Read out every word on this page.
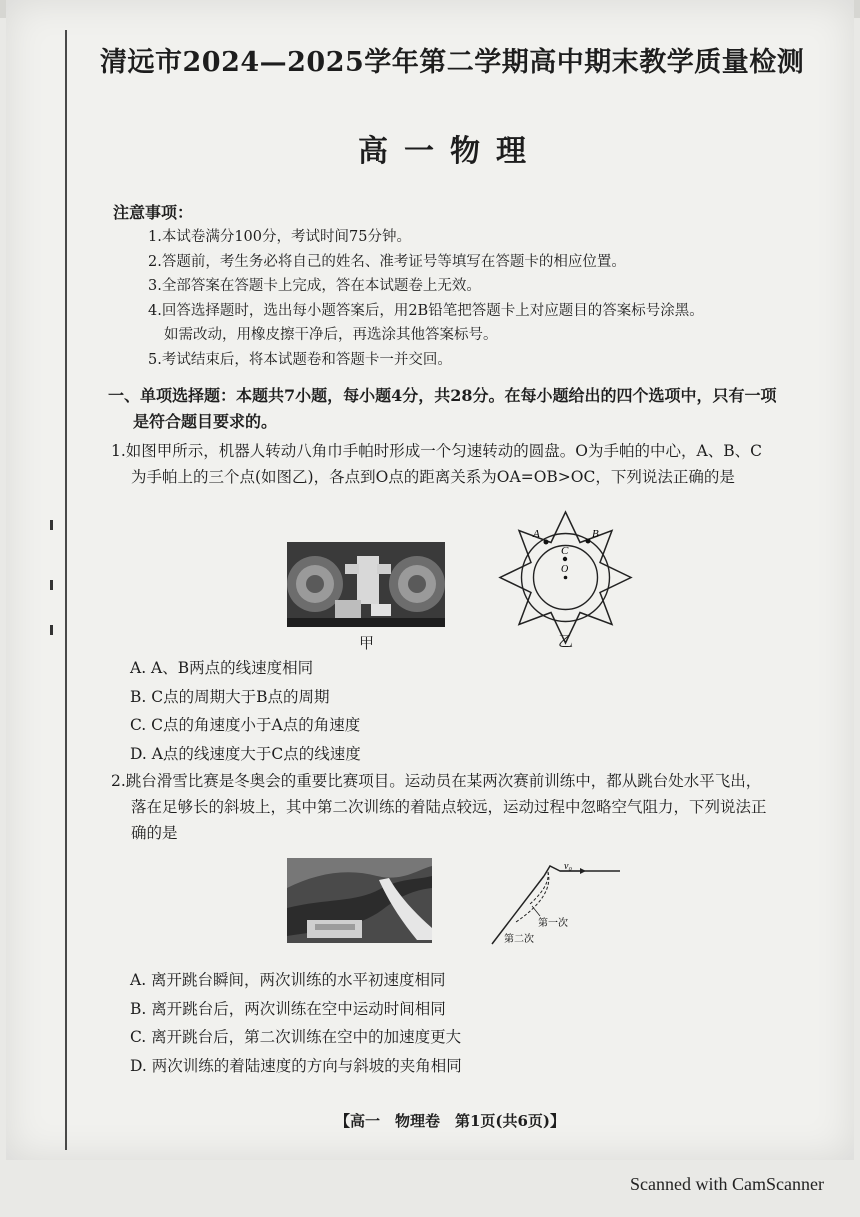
清远市2024—2025学年第二学期高中期末教学质量检测
高一物理
注意事项：
1.本试卷满分100分，考试时间75分钟。
2.答题前，考生务必将自己的姓名、准考证号等填写在答题卡的相应位置。
3.全部答案在答题卡上完成，答在本试题卷上无效。
4.回答选择题时，选出每小题答案后，用2B铅笔把答题卡上对应题目的答案标号涂黑。
如需改动，用橡皮擦干净后，再选涂其他答案标号。
5.考试结束后，将本试题卷和答题卡一并交回。
一、单项选择题：本题共7小题，每小题4分，共28分。在每小题给出的四个选项中，只有一项
是符合题目要求的。
1.如图甲所示，机器人转动八角巾手帕时形成一个匀速转动的圆盘。O为手帕的中心，A、B、C
为手帕上的三个点(如图乙)，各点到O点的距离关系为OA=OB>OC，下列说法正确的是
甲
A	B
C
O
乙
A. A、B两点的线速度相同
B. C点的周期大于B点的周期
C. C点的角速度小于A点的角速度
D. A点的线速度大于C点的线速度
2.跳台滑雪比赛是冬奥会的重要比赛项目。运动员在某两次赛前训练中，都从跳台处水平飞出，
落在足够长的斜坡上，其中第二次训练的着陆点较远，运动过程中忽略空气阻力，下列说法正
确的是
v₀
第一次
第二次
A. 离开跳台瞬间，两次训练的水平初速度相同
B. 离开跳台后，两次训练在空中运动时间相同
C. 离开跳台后，第二次训练在空中的加速度更大
D. 两次训练的着陆速度的方向与斜坡的夹角相同
【高一　物理卷　第1页(共6页)】
Scanned with CamScanner
